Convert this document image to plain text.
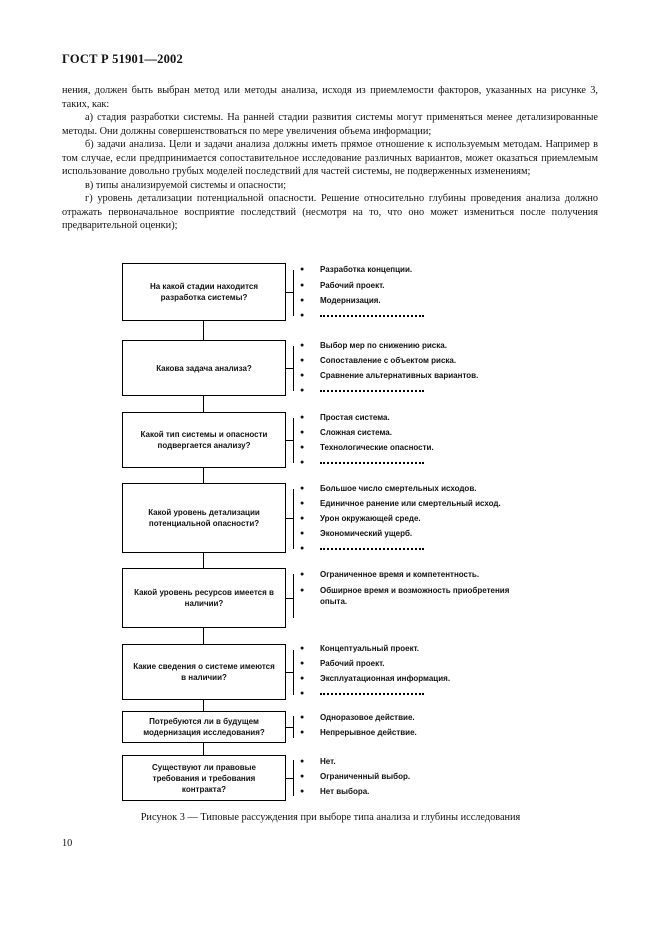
ГОСТ Р 51901—2002

нения, должен быть выбран метод или методы анализа, исходя из приемлемости факторов, указанных на рисунке 3, таких, как:

а) стадия разработки системы. На ранней стадии развития системы могут применяться менее детализированные методы. Они должны совершенствоваться по мере увеличения объема информации;

б) задачи анализа. Цели и задачи анализа должны иметь прямое отношение к используемым методам. Например в том случае, если предпринимается сопоставительное исследование различных вариантов, может оказаться приемлемым использование довольно грубых моделей последствий для частей системы, не подверженных изменениям;

в) типы анализируемой системы и опасности;

г) уровень детализации потенциальной опасности. Решение относительно глубины проведения анализа должно отражать первоначальное восприятие последствий (несмотря на то, что оно может измениться после получения предварительной оценки);

На какой стадии находится разработка системы?
● Разработка концепции.
● Рабочий проект.
● Модернизация.
●
Какова задача анализа?
● Выбор мер по снижению риска.
● Сопоставление с объектом риска.
● Сравнение альтернативных вариантов.
●
Какой тип системы и опасности подвергается анализу?
● Простая система.
● Сложная система.
● Технологические опасности.
●
Какой уровень детализации потенциальной опасности?
● Большое число смертельных исходов.
● Единичное ранение или смертельный исход.
● Урон окружающей среде.
● Экономический ущерб.
●
Какой уровень ресурсов имеется в наличии?
● Ограниченное время и компетентность.
● Обширное время и возможность приобретения опыта.
Какие сведения о системе имеются в наличии?
● Концептуальный проект.
● Рабочий проект.
● Эксплуатационная информация.
●
Потребуются ли в будущем модернизация исследования?
● Одноразовое действие.
● Непрерывное действие.
Существуют ли правовые требования и требования контракта?
● Нет.
● Ограниченный выбор.
● Нет выбора.
Рисунок 3 — Типовые рассуждения при выборе типа анализа и глубины исследования
10
